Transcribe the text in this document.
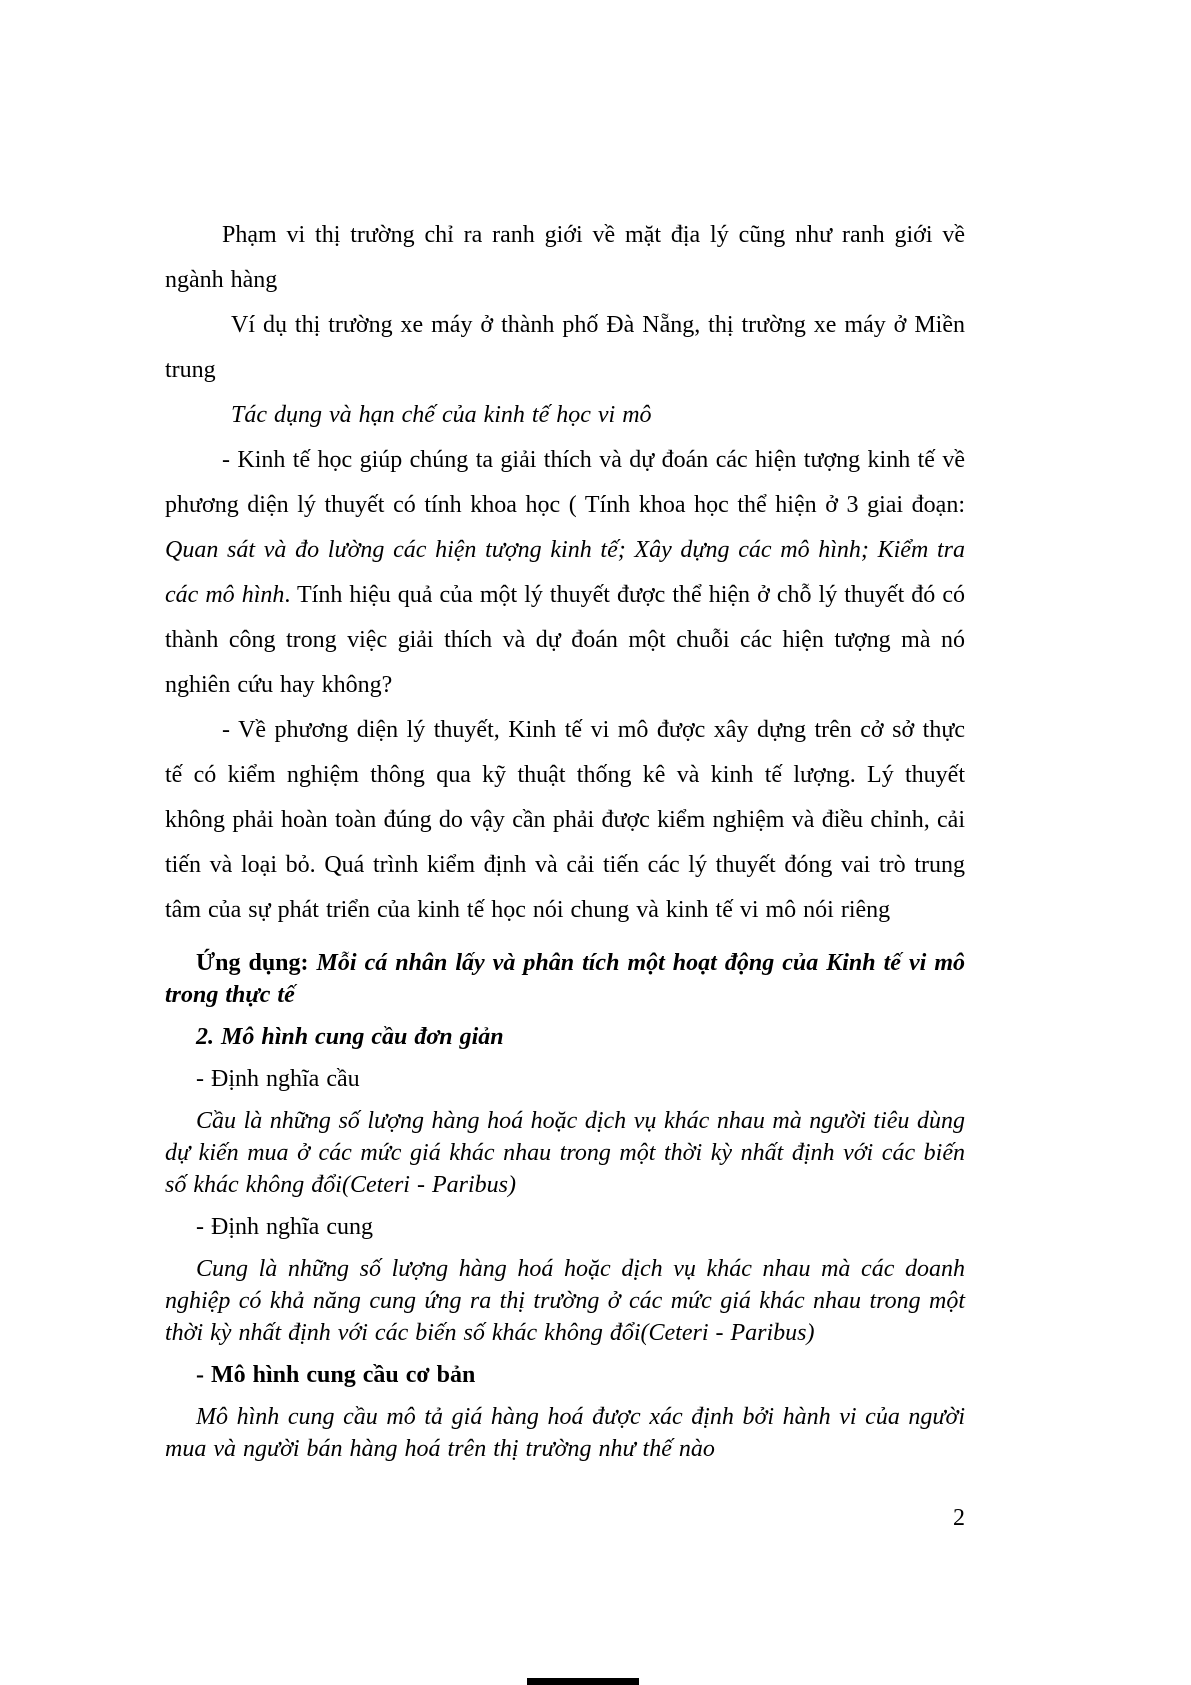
Phạm vi thị trường chỉ ra ranh giới về mặt địa lý cũng như ranh giới về ngành hàng

Ví dụ thị trường xe máy ở thành phố Đà Nẵng, thị trường xe máy ở Miền trung

Tác dụng và hạn chế của kinh tế học vi mô

- Kinh tế học giúp chúng ta giải thích và dự đoán các hiện tượng kinh tế về phương diện lý thuyết có tính khoa học ( Tính khoa học thể hiện ở 3 giai đoạn: Quan sát và đo lường các hiện tượng kinh tế; Xây dựng các mô hình; Kiểm tra các mô hình. Tính hiệu quả của một lý thuyết được thể hiện ở chỗ lý thuyết đó có thành công trong việc giải thích và dự đoán một chuỗi các hiện tượng mà nó nghiên cứu hay không?

- Về phương diện lý thuyết, Kinh tế vi mô được xây dựng trên cở sở thực tế có kiểm nghiệm thông qua kỹ thuật thống kê và kinh tế lượng. Lý thuyết không phải hoàn toàn đúng do vậy cần phải được kiểm nghiệm và điều chỉnh, cải tiến và loại bỏ. Quá trình kiểm định và cải tiến các lý thuyết đóng vai trò trung tâm của sự phát triển của kinh tế học nói chung và kinh tế vi mô nói riêng

Ứng dụng: Mỗi cá nhân lấy và phân tích một hoạt động của Kinh tế vi mô trong thực tế

2. Mô hình cung cầu đơn giản

- Định nghĩa cầu

Cầu là những số lượng hàng hoá hoặc dịch vụ khác nhau mà người tiêu dùng dự kiến mua ở các mức giá khác nhau trong một thời kỳ nhất định với các biến số khác không đổi(Ceteri - Paribus)

- Định nghĩa cung

Cung là những số lượng hàng hoá hoặc dịch vụ khác nhau mà các doanh nghiệp có khả năng cung ứng ra thị trường ở các mức giá khác nhau trong một thời kỳ nhất định với các biến số khác không đổi(Ceteri - Paribus)

- Mô hình cung cầu cơ bản

Mô hình cung cầu mô tả giá hàng hoá được xác định bởi hành vi của người mua và người bán hàng hoá trên thị trường như thế nào

2
